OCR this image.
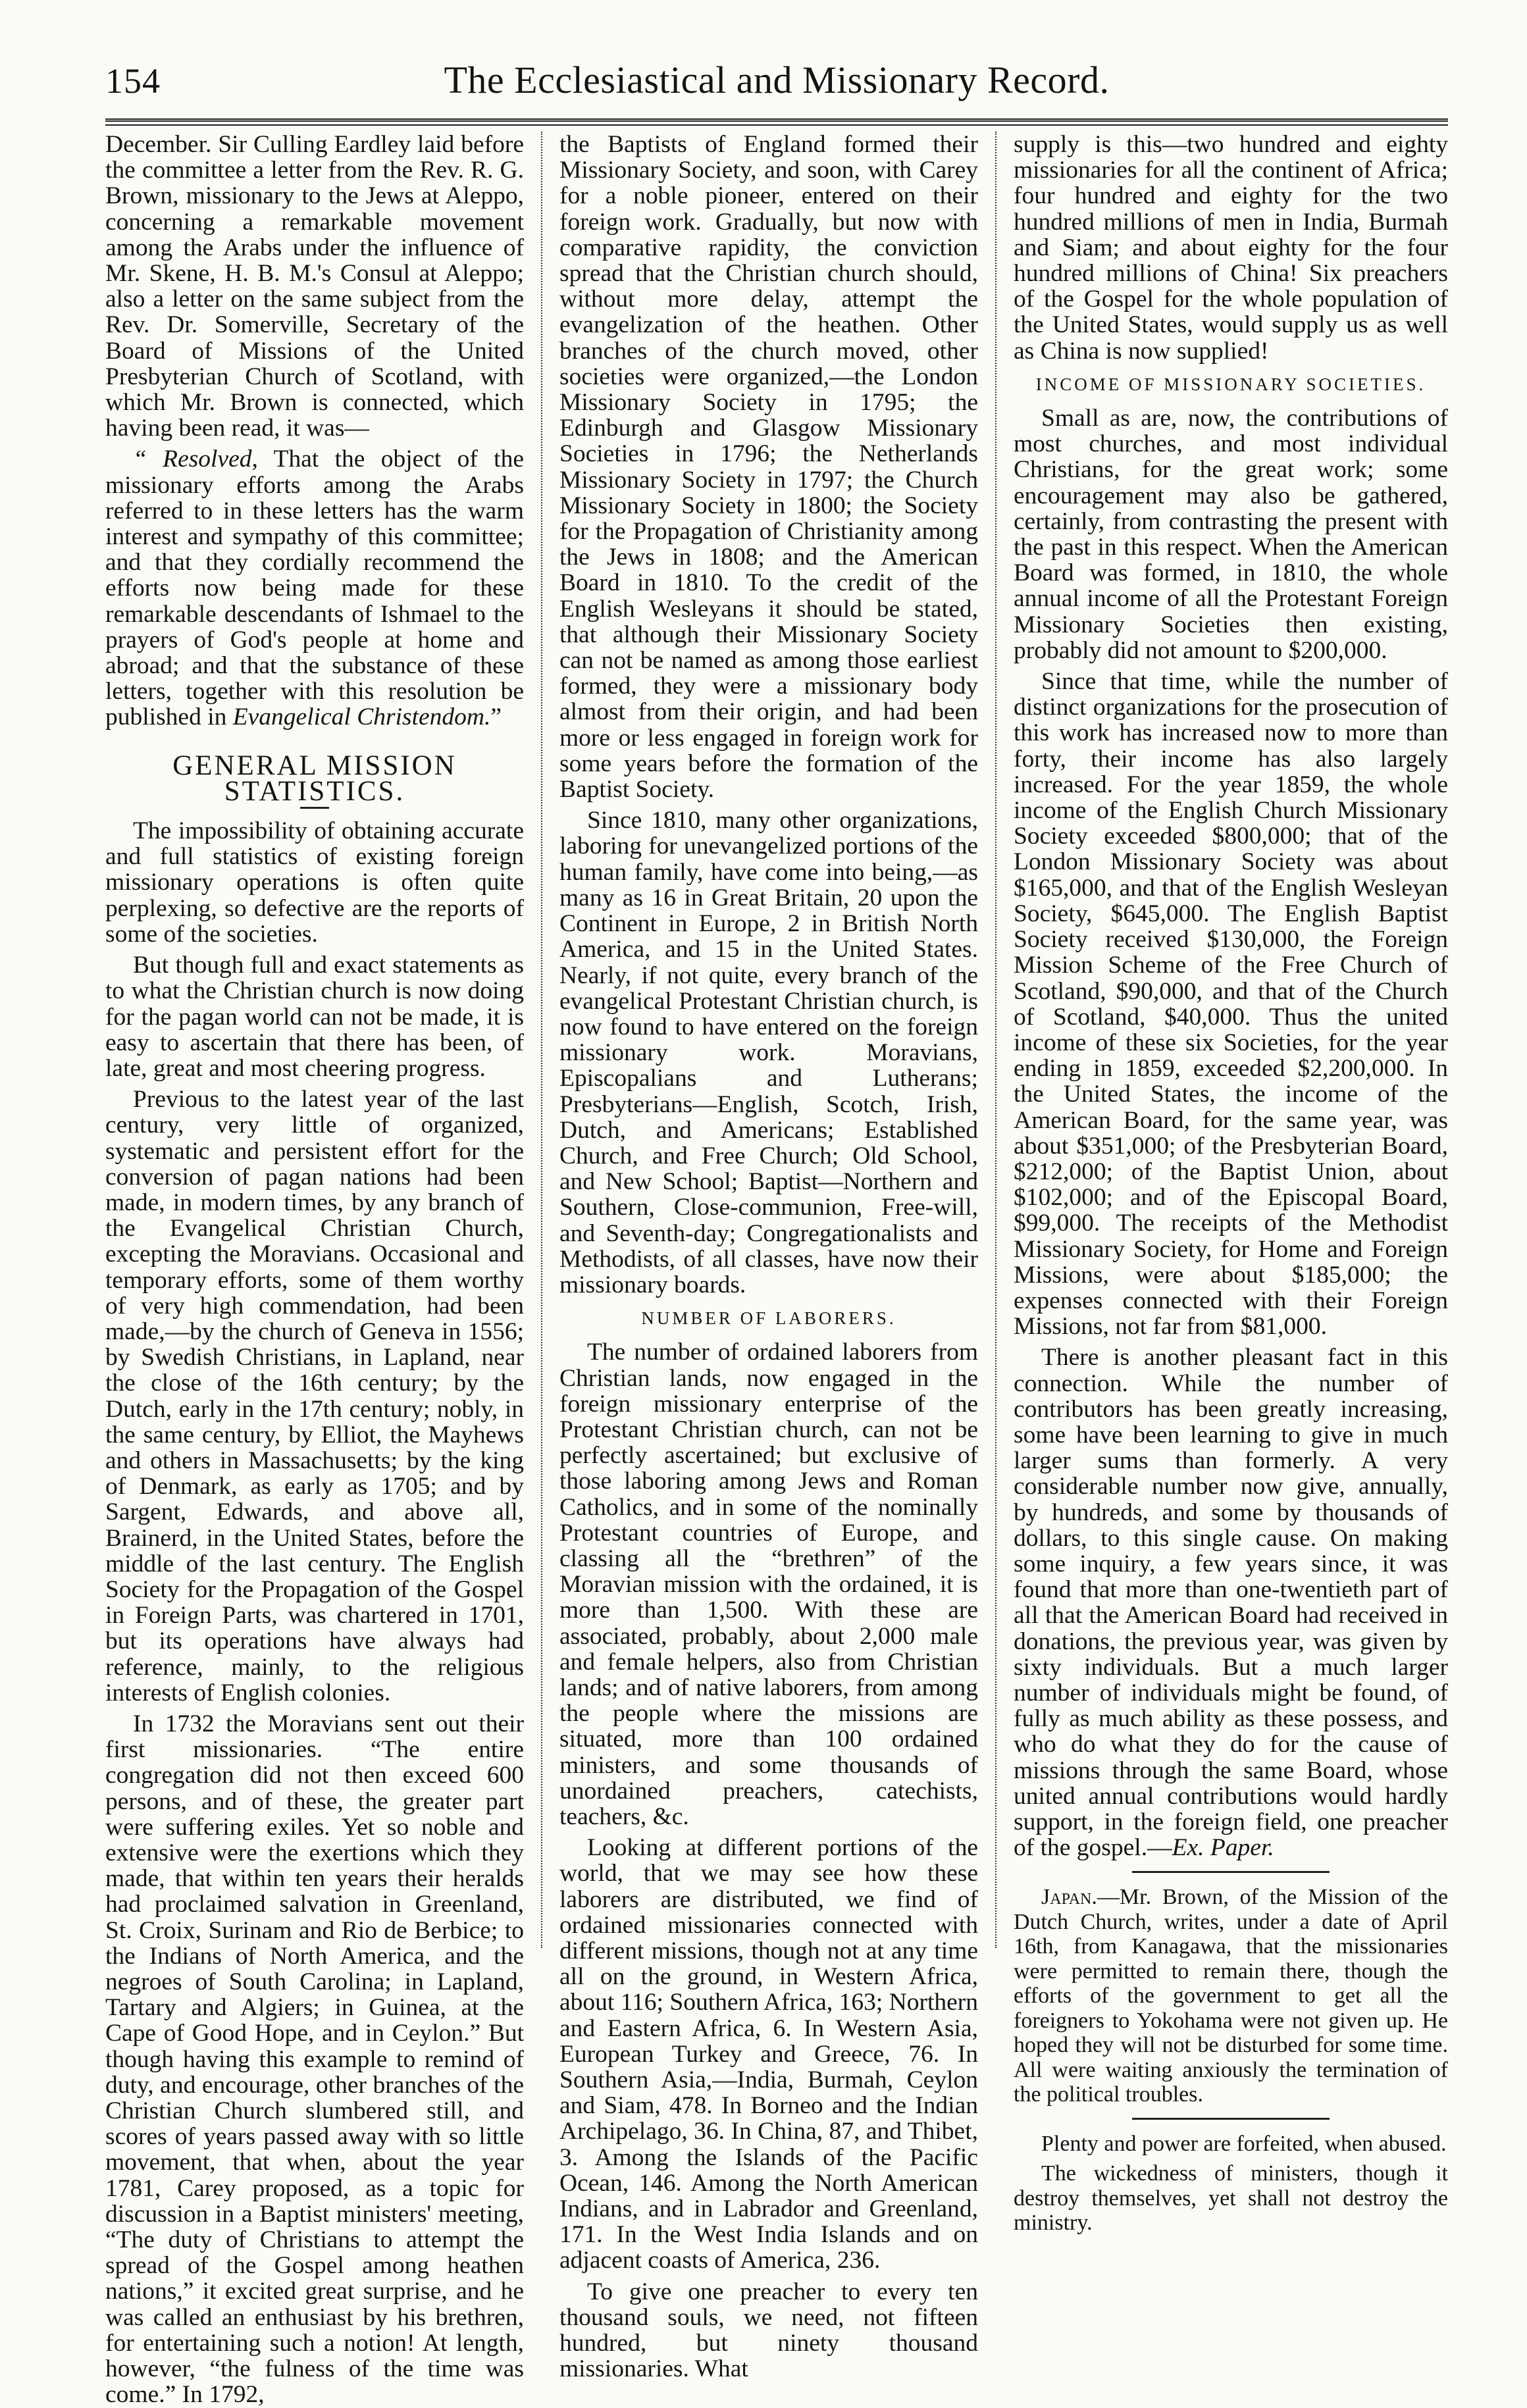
154	The Ecclesiastical and Missionary Record.

December. Sir Culling Eardley laid before the committee a letter from the Rev. R. G. Brown, missionary to the Jews at Aleppo, concerning a remarkable movement among the Arabs under the influence of Mr. Skene, H. B. M.'s Consul at Aleppo; also a letter on the same subject from the Rev. Dr. Somerville, Secretary of the Board of Missions of the United Presbyterian Church of Scotland, with which Mr. Brown is connected, which having been read, it was—

“ Resolved, That the object of the missionary efforts among the Arabs referred to in these letters has the warm interest and sympathy of this committee; and that they cordially recommend the efforts now being made for these remarkable descendants of Ishmael to the prayers of God's people at home and abroad; and that the substance of these letters, together with this resolution be published in Evangelical Christendom.”

GENERAL MISSION STATISTICS.

The impossibility of obtaining accurate and full statistics of existing foreign missionary operations is often quite perplexing, so defective are the reports of some of the societies.

But though full and exact statements as to what the Christian church is now doing for the pagan world can not be made, it is easy to ascertain that there has been, of late, great and most cheering progress.

Previous to the latest year of the last century, very little of organized, systematic and persistent effort for the conversion of pagan nations had been made, in modern times, by any branch of the Evangelical Christian Church, excepting the Moravians. Occasional and temporary efforts, some of them worthy of very high commendation, had been made,—by the church of Geneva in 1556; by Swedish Christians, in Lapland, near the close of the 16th century; by the Dutch, early in the 17th century; nobly, in the same century, by Elliot, the Mayhews and others in Massachusetts; by the king of Denmark, as early as 1705; and by Sargent, Edwards, and above all, Brainerd, in the United States, before the middle of the last century. The English Society for the Propagation of the Gospel in Foreign Parts, was chartered in 1701, but its operations have always had reference, mainly, to the religious interests of English colonies.

In 1732 the Moravians sent out their first missionaries. “The entire congregation did not then exceed 600 persons, and of these, the greater part were suffering exiles. Yet so noble and extensive were the exertions which they made, that within ten years their heralds had proclaimed salvation in Greenland, St. Croix, Surinam and Rio de Berbice; to the Indians of North America, and the negroes of South Carolina; in Lapland, Tartary and Algiers; in Guinea, at the Cape of Good Hope, and in Ceylon.” But though having this example to remind of duty, and encourage, other branches of the Christian Church slumbered still, and scores of years passed away with so little movement, that when, about the year 1781, Carey proposed, as a topic for discussion in a Baptist ministers' meeting, “The duty of Christians to attempt the spread of the Gospel among heathen nations,” it excited great surprise, and he was called an enthusiast by his brethren, for entertaining such a notion! At length, however, “the fulness of the time was come.” In 1792,

the Baptists of England formed their Missionary Society, and soon, with Carey for a noble pioneer, entered on their foreign work. Gradually, but now with comparative rapidity, the conviction spread that the Christian church should, without more delay, attempt the evangelization of the heathen. Other branches of the church moved, other societies were organized,—the London Missionary Society in 1795; the Edinburgh and Glasgow Missionary Societies in 1796; the Netherlands Missionary Society in 1797; the Church Missionary Society in 1800; the Society for the Propagation of Christianity among the Jews in 1808; and the American Board in 1810. To the credit of the English Wesleyans it should be stated, that although their Missionary Society can not be named as among those earliest formed, they were a missionary body almost from their origin, and had been more or less engaged in foreign work for some years before the formation of the Baptist Society.

Since 1810, many other organizations, laboring for unevangelized portions of the human family, have come into being,—as many as 16 in Great Britain, 20 upon the Continent in Europe, 2 in British North America, and 15 in the United States. Nearly, if not quite, every branch of the evangelical Protestant Christian church, is now found to have entered on the foreign missionary work. Moravians, Episcopalians and Lutherans; Presbyterians—English, Scotch, Irish, Dutch, and Americans; Established Church, and Free Church; Old School, and New School; Baptist—Northern and Southern, Close-communion, Free-will, and Seventh-day; Congregationalists and Methodists, of all classes, have now their missionary boards.

NUMBER OF LABORERS.

The number of ordained laborers from Christian lands, now engaged in the foreign missionary enterprise of the Protestant Christian church, can not be perfectly ascertained; but exclusive of those laboring among Jews and Roman Catholics, and in some of the nominally Protestant countries of Europe, and classing all the “brethren” of the Moravian mission with the ordained, it is more than 1,500. With these are associated, probably, about 2,000 male and female helpers, also from Christian lands; and of native laborers, from among the people where the missions are situated, more than 100 ordained ministers, and some thousands of unordained preachers, catechists, teachers, &c.

Looking at different portions of the world, that we may see how these laborers are distributed, we find of ordained missionaries connected with different missions, though not at any time all on the ground, in Western Africa, about 116; Southern Africa, 163; Northern and Eastern Africa, 6. In Western Asia, European Turkey and Greece, 76. In Southern Asia,—India, Burmah, Ceylon and Siam, 478. In Borneo and the Indian Archipelago, 36. In China, 87, and Thibet, 3. Among the Islands of the Pacific Ocean, 146. Among the North American Indians, and in Labrador and Greenland, 171. In the West India Islands and on adjacent coasts of America, 236.

To give one preacher to every ten thousand souls, we need, not fifteen hundred, but ninety thousand missionaries. What

supply is this—two hundred and eighty missionaries for all the continent of Africa; four hundred and eighty for the two hundred millions of men in India, Burmah and Siam; and about eighty for the four hundred millions of China! Six preachers of the Gospel for the whole population of the United States, would supply us as well as China is now supplied!

INCOME OF MISSIONARY SOCIETIES.

Small as are, now, the contributions of most churches, and most individual Christians, for the great work; some encouragement may also be gathered, certainly, from contrasting the present with the past in this respect. When the American Board was formed, in 1810, the whole annual income of all the Protestant Foreign Missionary Societies then existing, probably did not amount to $200,000.

Since that time, while the number of distinct organizations for the prosecution of this work has increased now to more than forty, their income has also largely increased. For the year 1859, the whole income of the English Church Missionary Society exceeded $800,000; that of the London Missionary Society was about $165,000, and that of the English Wesleyan Society, $645,000. The English Baptist Society received $130,000, the Foreign Mission Scheme of the Free Church of Scotland, $90,000, and that of the Church of Scotland, $40,000. Thus the united income of these six Societies, for the year ending in 1859, exceeded $2,200,000. In the United States, the income of the American Board, for the same year, was about $351,000; of the Presbyterian Board, $212,000; of the Baptist Union, about $102,000; and of the Episcopal Board, $99,000. The receipts of the Methodist Missionary Society, for Home and Foreign Missions, were about $185,000; the expenses connected with their Foreign Missions, not far from $81,000.

There is another pleasant fact in this connection. While the number of contributors has been greatly increasing, some have been learning to give in much larger sums than formerly. A very considerable number now give, annually, by hundreds, and some by thousands of dollars, to this single cause. On making some inquiry, a few years since, it was found that more than one-twentieth part of all that the American Board had received in donations, the previous year, was given by sixty individuals. But a much larger number of individuals might be found, of fully as much ability as these possess, and who do what they do for the cause of missions through the same Board, whose united annual contributions would hardly support, in the foreign field, one preacher of the gospel.—Ex. Paper.

Japan.—Mr. Brown, of the Mission of the Dutch Church, writes, under a date of April 16th, from Kanagawa, that the missionaries were permitted to remain there, though the efforts of the government to get all the foreigners to Yokohama were not given up. He hoped they will not be disturbed for some time. All were waiting anxiously the termination of the political troubles.

Plenty and power are forfeited, when abused.

The wickedness of ministers, though it destroy themselves, yet shall not destroy the ministry.
